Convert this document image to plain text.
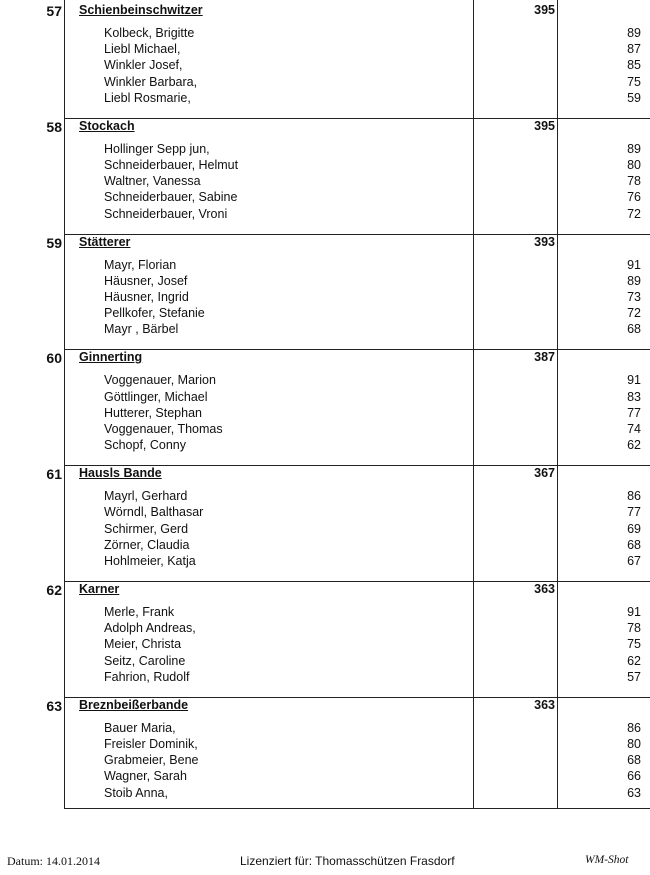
57 Schienbeinschwitzer	395
Kolbeck, Brigitte	89
Liebl Michael,	87
Winkler Josef,	85
Winkler Barbara,	75
Liebl Rosmarie,	59
58 Stockach	395
Hollinger Sepp jun,	89
Schneiderbauer, Helmut	80
Waltner, Vanessa	78
Schneiderbauer, Sabine	76
Schneiderbauer, Vroni	72
59 Stätterer	393
Mayr, Florian	91
Häusner, Josef	89
Häusner, Ingrid	73
Pellkofer, Stefanie	72
Mayr , Bärbel	68
60 Ginnerting	387
Voggenauer, Marion	91
Göttlinger, Michael	83
Hutterer, Stephan	77
Voggenauer, Thomas	74
Schopf, Conny	62
61 Hausls Bande	367
Mayrl, Gerhard	86
Wörndl, Balthasar	77
Schirmer, Gerd	69
Zörner, Claudia	68
Hohlmeier, Katja	67
62 Karner	363
Merle, Frank	91
Adolph Andreas,	78
Meier, Christa	75
Seitz, Caroline	62
Fahrion, Rudolf	57
63 Breznbeißerbande	363
Bauer Maria,	86
Freisler Dominik,	80
Grabmeier, Bene	68
Wagner, Sarah	66
Stoib Anna,	63
Datum: 14.01.2014	Lizenziert für: Thomasschützen Frasdorf	WM-Shot
